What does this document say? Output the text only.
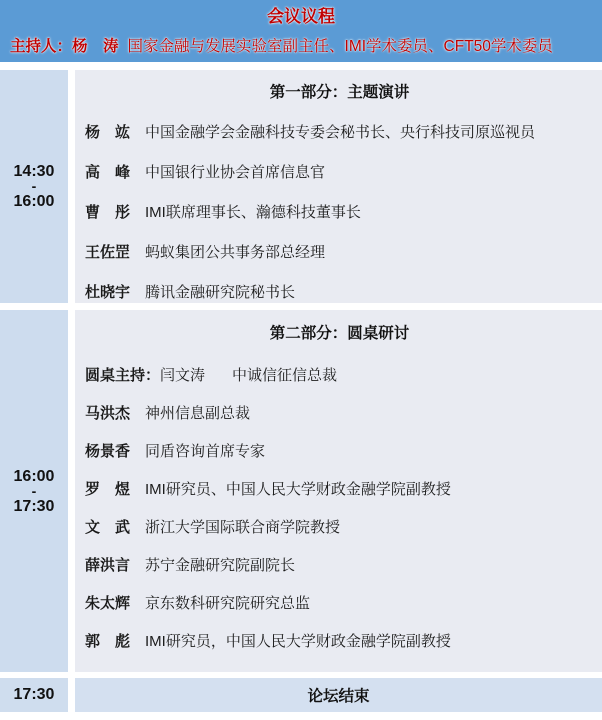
会议议程
主持人：杨　涛 国家金融与发展实验室副主任、IMI学术委员、CFT50学术委员
14:30
-
16:00
第一部分：主题演讲
杨　竑 中国金融学会金融科技专委会秘书长、央行科技司原巡视员
高　峰 中国银行业协会首席信息官
曹　彤 IMI联席理事长、瀚德科技董事长
王佐罡 蚂蚁集团公共事务部总经理
杜晓宇 腾讯金融研究院秘书长
16:00
-
17:30
第二部分：圆桌研讨
圆桌主持：闫文涛 中诚信征信总裁
马洪杰 神州信息副总裁
杨景香 同盾咨询首席专家
罗　煜 IMI研究员、中国人民大学财政金融学院副教授
文　武 浙江大学国际联合商学院教授
薛洪言 苏宁金融研究院副院长
朱太辉 京东数科研究院研究总监
郭　彪 IMI研究员，中国人民大学财政金融学院副教授
17:30	论坛结束
